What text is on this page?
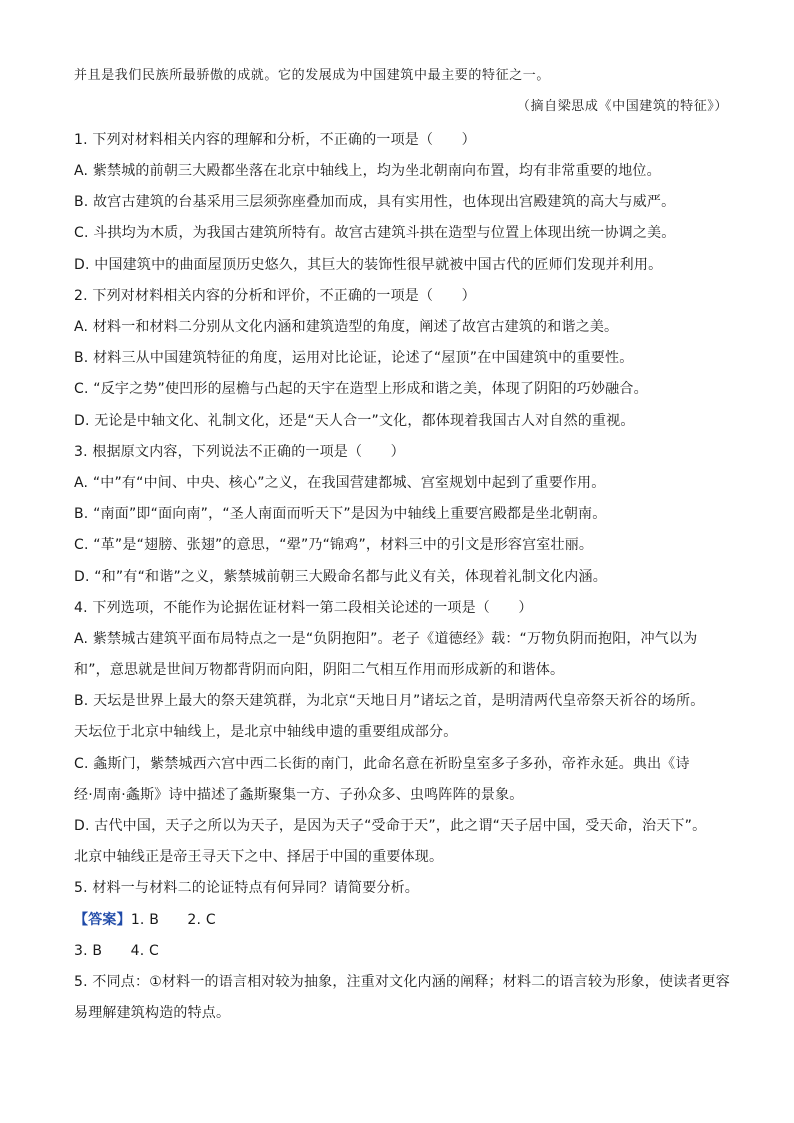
并且是我们民族所最骄傲的成就。它的发展成为中国建筑中最主要的特征之一。
（摘自梁思成《中国建筑的特征》）
1. 下列对材料相关内容的理解和分析，不正确的一项是（　　）
A. 紫禁城的前朝三大殿都坐落在北京中轴线上，均为坐北朝南向布置，均有非常重要的地位。
B. 故宫古建筑的台基采用三层须弥座叠加而成，具有实用性，也体现出宫殿建筑的高大与威严。
C. 斗拱均为木质，为我国古建筑所特有。故宫古建筑斗拱在造型与位置上体现出统一协调之美。
D. 中国建筑中的曲面屋顶历史悠久，其巨大的装饰性很早就被中国古代的匠师们发现并利用。
2. 下列对材料相关内容的分析和评价，不正确的一项是（　　）
A. 材料一和材料二分别从文化内涵和建筑造型的角度，阐述了故宫古建筑的和谐之美。
B. 材料三从中国建筑特征的角度，运用对比论证，论述了“屋顶”在中国建筑中的重要性。
C. “反宇之势”使凹形的屋檐与凸起的天宇在造型上形成和谐之美，体现了阴阳的巧妙融合。
D. 无论是中轴文化、礼制文化，还是“天人合一”文化，都体现着我国古人对自然的重视。
3. 根据原文内容，下列说法不正确的一项是（　　）
A. “中”有“中间、中央、核心”之义，在我国营建都城、宫室规划中起到了重要作用。
B. “南面”即“面向南”，“圣人南面而听天下”是因为中轴线上重要宫殿都是坐北朝南。
C. “革”是“翅膀、张翅”的意思，“翚”乃“锦鸡”，材料三中的引文是形容宫室壮丽。
D. “和”有“和谐”之义，紫禁城前朝三大殿命名都与此义有关，体现着礼制文化内涵。
4. 下列选项，不能作为论据佐证材料一第二段相关论述的一项是（　　）
A. 紫禁城古建筑平面布局特点之一是“负阴抱阳”。老子《道德经》载：“万物负阴而抱阳，冲气以为
和”，意思就是世间万物都背阴而向阳，阴阳二气相互作用而形成新的和谐体。
B. 天坛是世界上最大的祭天建筑群，为北京“天地日月”诸坛之首，是明清两代皇帝祭天祈谷的场所。
天坛位于北京中轴线上，是北京中轴线申遗的重要组成部分。
C. 螽斯门，紫禁城西六宫中西二长街的南门，此命名意在祈盼皇室多子多孙，帝祚永延。典出《诗
经·周南·螽斯》诗中描述了螽斯聚集一方、子孙众多、虫鸣阵阵的景象。
D. 古代中国，天子之所以为天子，是因为天子“受命于天”，此之谓“天子居中国，受天命，治天下”。
北京中轴线正是帝王寻天下之中、择居于中国的重要体现。
5. 材料一与材料二的论证特点有何异同？请简要分析。
【答案】1. B　　2. C
3. B　　4. C
5. 不同点：①材料一的语言相对较为抽象，注重对文化内涵的阐释；材料二的语言较为形象，使读者更容
易理解建筑构造的特点。
